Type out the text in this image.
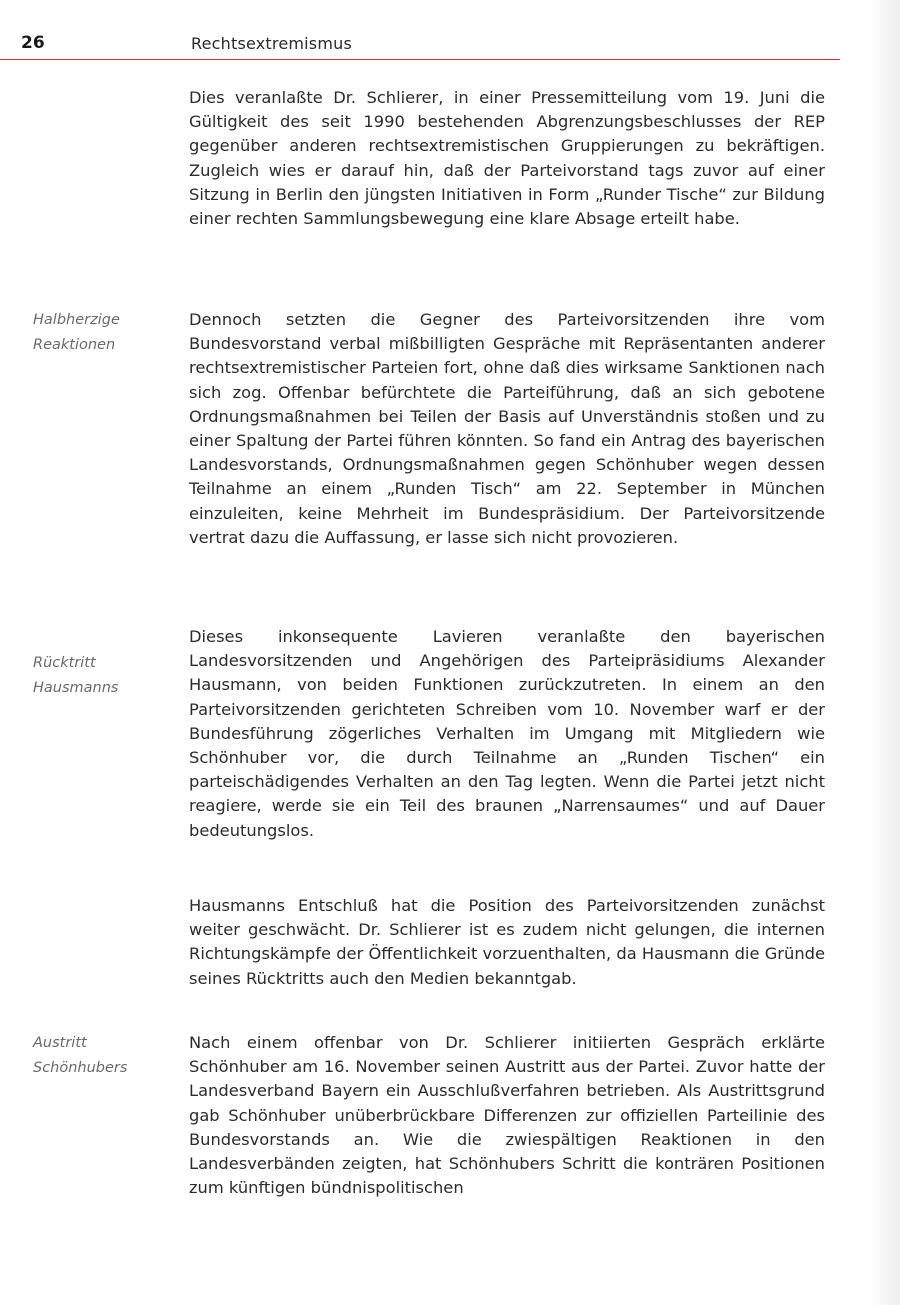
26	Rechtsextremismus

Dies veranlaßte Dr. Schlierer, in einer Pressemitteilung vom 19. Juni die Gültigkeit des seit 1990 bestehenden Abgrenzungsbeschlusses der REP gegenüber anderen rechtsextremistischen Gruppierungen zu bekräftigen. Zugleich wies er darauf hin, daß der Parteivorstand tags zuvor auf einer Sitzung in Berlin den jüngsten Initiativen in Form „Runder Tische“ zur Bildung einer rechten Sammlungsbewegung eine klare Absage erteilt habe.

Halbherzige
Reaktionen

Dennoch setzten die Gegner des Parteivorsitzenden ihre vom Bundesvorstand verbal mißbilligten Gespräche mit Repräsentanten anderer rechtsextremistischer Parteien fort, ohne daß dies wirksame Sanktionen nach sich zog. Offenbar befürchtete die Parteiführung, daß an sich gebotene Ordnungsmaßnahmen bei Teilen der Basis auf Unverständnis stoßen und zu einer Spaltung der Partei führen könnten. So fand ein Antrag des bayerischen Landesvorstands, Ordnungsmaßnahmen gegen Schönhuber wegen dessen Teilnahme an einem „Runden Tisch“ am 22. September in München einzuleiten, keine Mehrheit im Bundespräsidium. Der Parteivorsitzende vertrat dazu die Auffassung, er lasse sich nicht provozieren.

Rücktritt
Hausmanns

Dieses inkonsequente Lavieren veranlaßte den bayerischen Landesvorsitzenden und Angehörigen des Parteipräsidiums Alexander Hausmann, von beiden Funktionen zurückzutreten. In einem an den Parteivorsitzenden gerichteten Schreiben vom 10. November warf er der Bundesführung zögerliches Verhalten im Umgang mit Mitgliedern wie Schönhuber vor, die durch Teilnahme an „Runden Tischen“ ein parteischädigendes Verhalten an den Tag legten. Wenn die Partei jetzt nicht reagiere, werde sie ein Teil des braunen „Narrensaumes“ und auf Dauer bedeutungslos.

Hausmanns Entschluß hat die Position des Parteivorsitzenden zunächst weiter geschwächt. Dr. Schlierer ist es zudem nicht gelungen, die internen Richtungskämpfe der Öffentlichkeit vorzuenthalten, da Hausmann die Gründe seines Rücktritts auch den Medien bekanntgab.

Austritt
Schönhubers

Nach einem offenbar von Dr. Schlierer initiierten Gespräch erklärte Schönhuber am 16. November seinen Austritt aus der Partei. Zuvor hatte der Landesverband Bayern ein Ausschlußverfahren betrieben. Als Austrittsgrund gab Schönhuber unüberbrückbare Differenzen zur offiziellen Parteilinie des Bundesvorstands an. Wie die zwiespältigen Reaktionen in den Landesverbänden zeigten, hat Schönhubers Schritt die konträren Positionen zum künftigen bündnispolitischen
